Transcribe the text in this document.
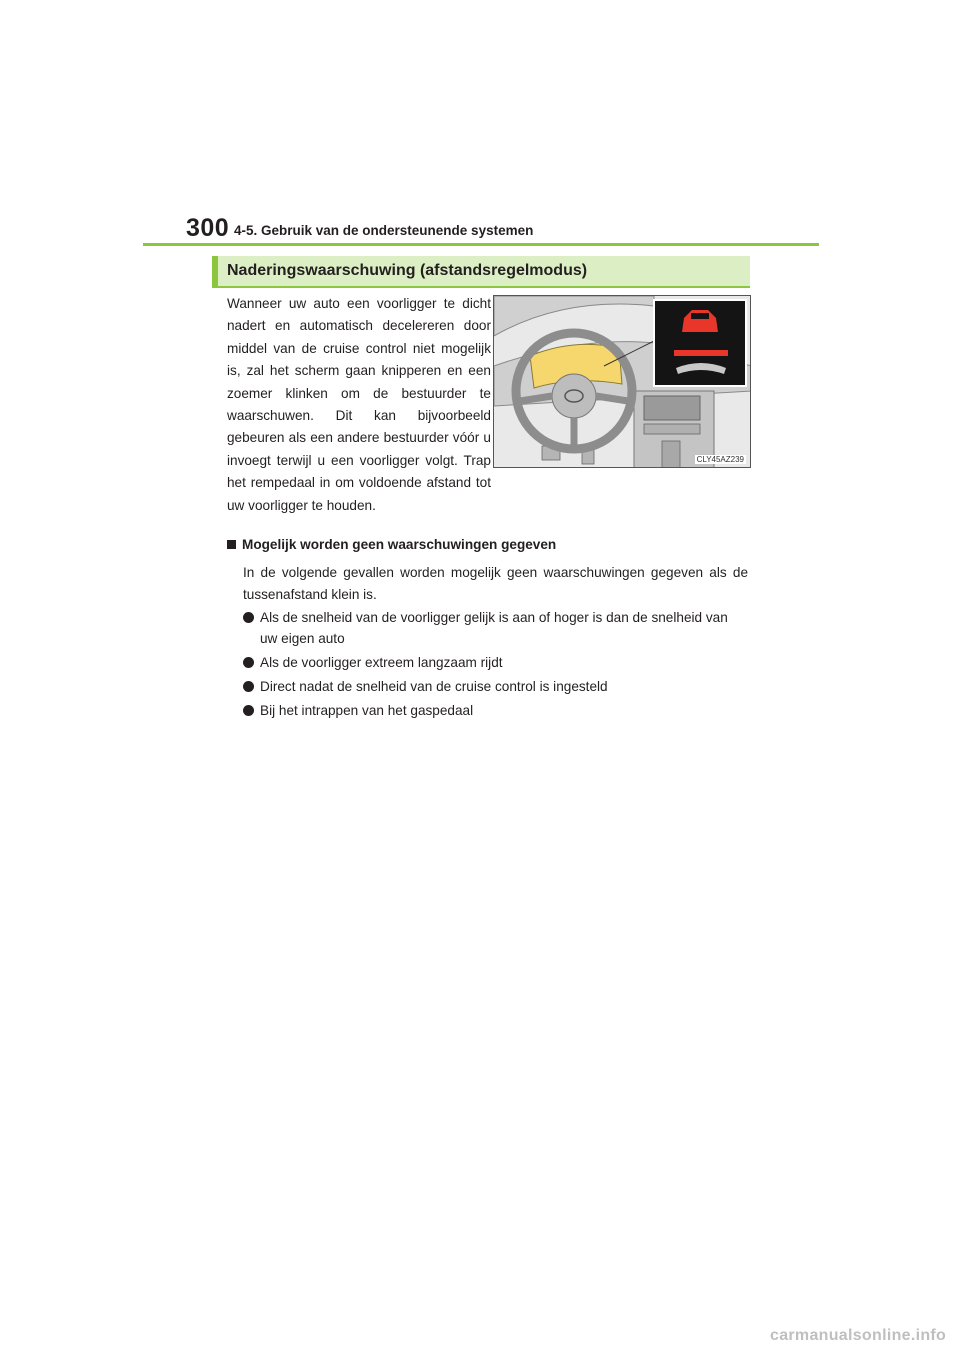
300 4-5. Gebruik van de ondersteunende systemen
Naderingswaarschuwing (afstandsregelmodus)
Wanneer uw auto een voorligger te dicht nadert en automatisch decelereren door middel van de cruise control niet mogelijk is, zal het scherm gaan knipperen en een zoemer klinken om de bestuurder te waarschuwen. Dit kan bijvoorbeeld gebeuren als een andere bestuurder vóór u invoegt terwijl u een voorligger volgt. Trap het rempedaal in om voldoende afstand tot uw voorligger te houden.
CLY45AZ239
Mogelijk worden geen waarschuwingen gegeven
In de volgende gevallen worden mogelijk geen waarschuwingen gegeven als de tussenafstand klein is.
Als de snelheid van de voorligger gelijk is aan of hoger is dan de snelheid van uw eigen auto
Als de voorligger extreem langzaam rijdt
Direct nadat de snelheid van de cruise control is ingesteld
Bij het intrappen van het gaspedaal
carmanualsonline.info
